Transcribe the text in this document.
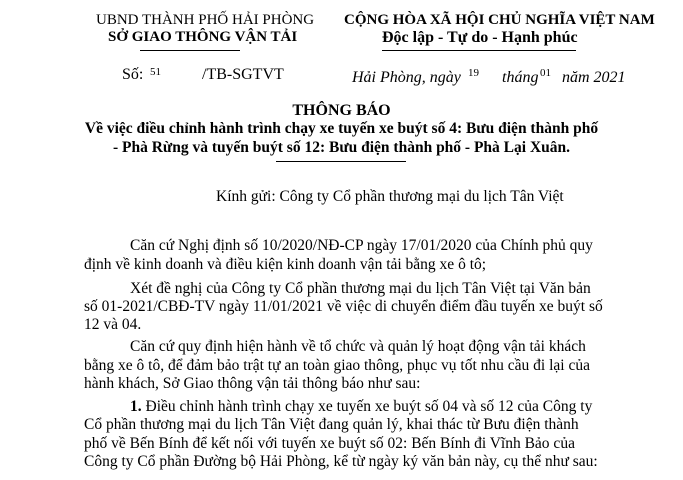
UBND THÀNH PHỐ HẢI PHÒNG
SỞ GIAO THÔNG VẬN TẢI
Số: 51	/TB-SGTVT
CỘNG HÒA XÃ HỘI CHỦ NGHĨA VIỆT NAM
Độc lập - Tự do - Hạnh phúc
Hải Phòng, ngày 19 tháng 01 năm 2021
THÔNG BÁO
Về việc điều chỉnh hành trình chạy xe tuyến xe buýt số 4: Bưu điện thành phố
- Phà Rừng và tuyến buýt số 12: Bưu điện thành phố - Phà Lại Xuân.
Kính gửi: Công ty Cổ phần thương mại du lịch Tân Việt
Căn cứ Nghị định số 10/2020/NĐ-CP ngày 17/01/2020 của Chính phủ quy
định về kinh doanh và điều kiện kinh doanh vận tải bằng xe ô tô;
Xét đề nghị của Công ty Cổ phần thương mại du lịch Tân Việt tại Văn bản
số 01-2021/CBĐ-TV ngày 11/01/2021 về việc di chuyển điểm đầu tuyến xe buýt số
12 và 04.
Căn cứ quy định hiện hành về tổ chức và quản lý hoạt động vận tải khách
bằng xe ô tô, để đảm bảo trật tự an toàn giao thông, phục vụ tốt nhu cầu đi lại của
hành khách, Sở Giao thông vận tải thông báo như sau:
1. Điều chỉnh hành trình chạy xe tuyến xe buýt số 04 và số 12 của Công ty
Cổ phần thương mại du lịch Tân Việt đang quản lý, khai thác từ Bưu điện thành
phố về Bến Bính để kết nối với tuyến xe buýt số 02: Bến Bính đi Vĩnh Bảo của
Công ty Cổ phần Đường bộ Hải Phòng, kể từ ngày ký văn bản này, cụ thể như sau:
